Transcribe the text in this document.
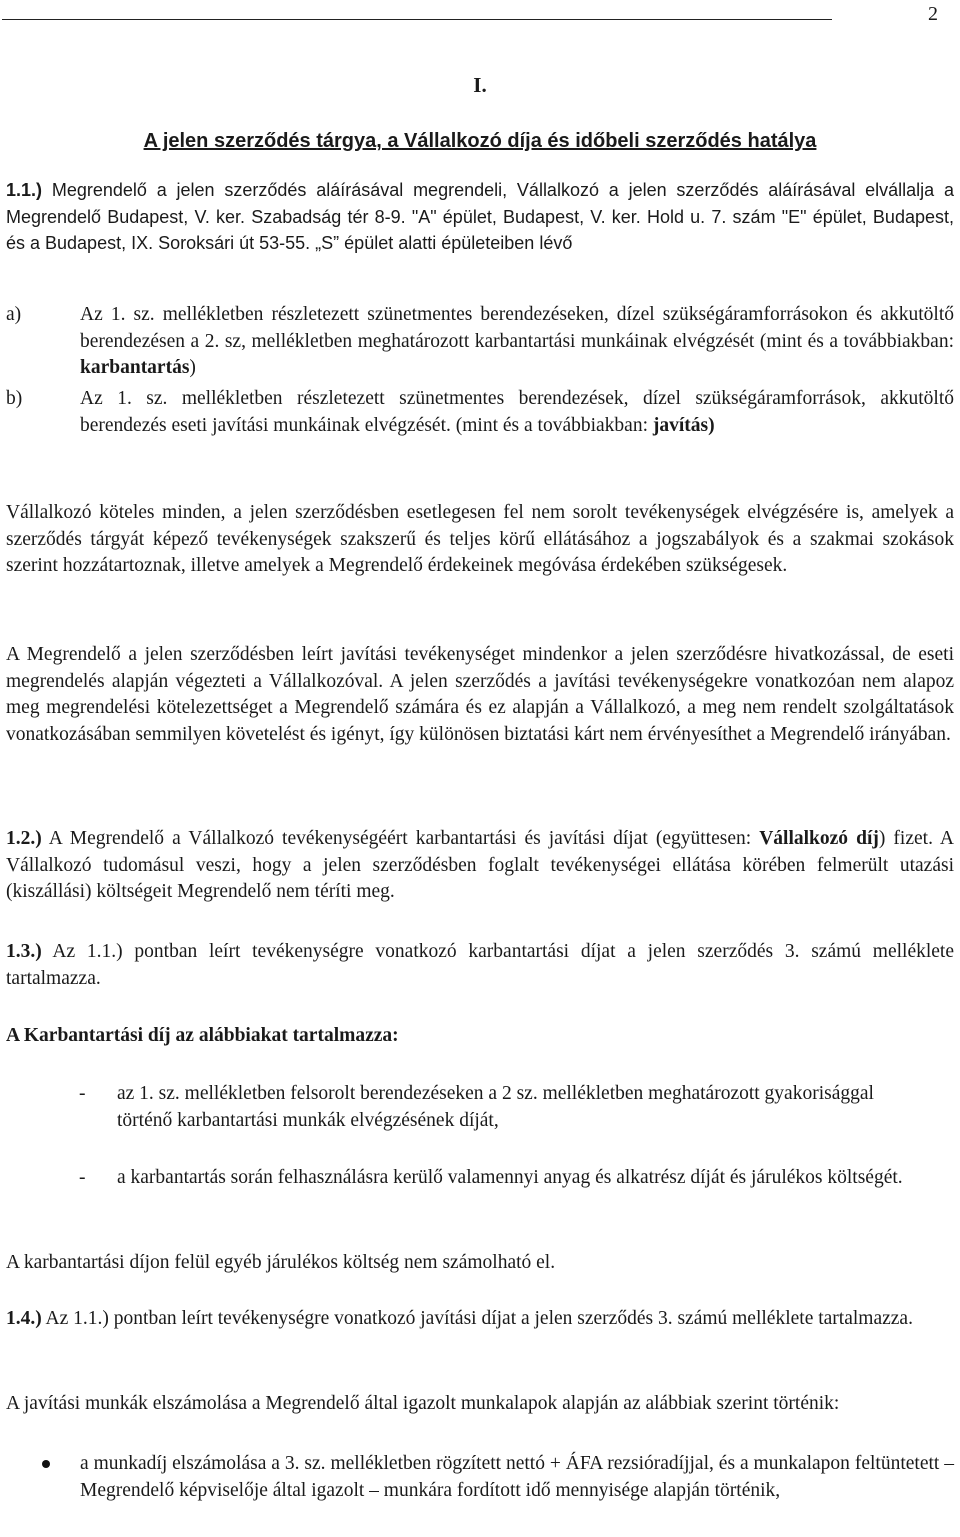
2
I.
A jelen szerződés tárgya, a Vállalkozó díja és időbeli szerződés hatálya
1.1.) Megrendelő a jelen szerződés aláírásával megrendeli, Vállalkozó a jelen szerződés aláírásával elvállalja a Megrendelő Budapest, V. ker. Szabadság tér 8-9. "A" épület, Budapest, V. ker. Hold u. 7. szám "E" épület, Budapest, és a Budapest, IX. Soroksári út 53-55. „S” épület alatti épületeiben lévő
a)	Az 1. sz. mellékletben részletezett szünetmentes berendezéseken, dízel szükségáramforrásokon és akkutöltő berendezésen a 2. sz, mellékletben meghatározott karbantartási munkáinak elvégzését (mint és a továbbiakban: karbantartás)
b)	Az 1. sz. mellékletben részletezett szünetmentes berendezések, dízel szükségáramforrások, akkutöltő berendezés eseti javítási munkáinak elvégzését. (mint és a továbbiakban: javítás)
Vállalkozó köteles minden, a jelen szerződésben esetlegesen fel nem sorolt tevékenységek elvégzésére is, amelyek a szerződés tárgyát képező tevékenységek szakszerű és teljes körű ellátásához a jogszabályok és a szakmai szokások szerint hozzátartoznak, illetve amelyek a Megrendelő érdekeinek megóvása érdekében szükségesek.
A Megrendelő a jelen szerződésben leírt javítási tevékenységet mindenkor a jelen szerződésre hivatkozással, de eseti megrendelés alapján végezteti a Vállalkozóval. A jelen szerződés a javítási tevékenységekre vonatkozóan nem alapoz meg megrendelési kötelezettséget a Megrendelő számára és ez alapján a Vállalkozó, a meg nem rendelt szolgáltatások vonatkozásában semmilyen követelést és igényt, így különösen biztatási kárt nem érvényesíthet a Megrendelő irányában.
1.2.) A Megrendelő a Vállalkozó tevékenységéért karbantartási és javítási díjat (együttesen: Vállalkozó díj) fizet. A Vállalkozó tudomásul veszi, hogy a jelen szerződésben foglalt tevékenységei ellátása körében felmerült utazási (kiszállási) költségeit Megrendelő nem téríti meg.
1.3.) Az 1.1.) pontban leírt tevékenységre vonatkozó karbantartási díjat a jelen szerződés 3. számú melléklete tartalmazza.
A Karbantartási díj az alábbiakat tartalmazza:
- az 1. sz. mellékletben felsorolt berendezéseken a 2 sz. mellékletben meghatározott gyakorisággal történő karbantartási munkák elvégzésének díját,
- a karbantartás során felhasználásra kerülő valamennyi anyag és alkatrész díját és járulékos költségét.
A karbantartási díjon felül egyéb járulékos költség nem számolható el.
1.4.) Az 1.1.) pontban leírt tevékenységre vonatkozó javítási díjat a jelen szerződés 3. számú melléklete tartalmazza.
A javítási munkák elszámolása a Megrendelő által igazolt munkalapok alapján az alábbiak szerint történik:
a munkadíj elszámolása a 3. sz. mellékletben rögzített nettó + ÁFA rezsióradíjjal, és a munkalapon feltüntetett – Megrendelő képviselője által igazolt – munkára fordított idő mennyisége alapján történik,
